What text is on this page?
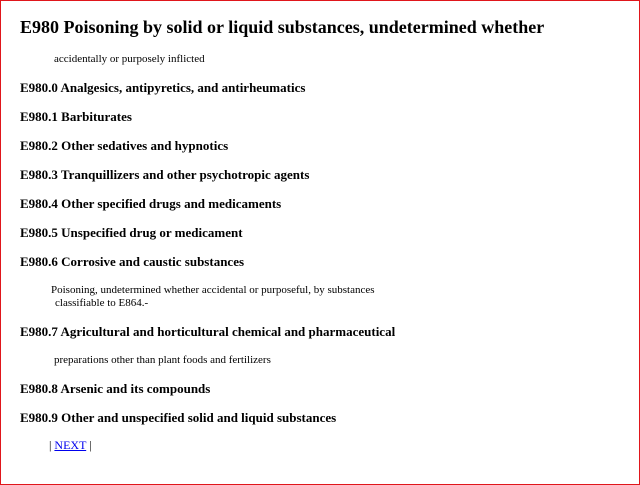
E980 Poisoning by solid or liquid substances, undetermined whether

accidentally or purposely inflicted

E980.0 Analgesics, antipyretics, and antirheumatics

E980.1 Barbiturates

E980.2 Other sedatives and hypnotics

E980.3 Tranquillizers and other psychotropic agents

E980.4 Other specified drugs and medicaments

E980.5 Unspecified drug or medicament

E980.6 Corrosive and caustic substances

Poisoning, undetermined whether accidental or purposeful, by substances
classifiable to E864.-

E980.7 Agricultural and horticultural chemical and pharmaceutical

preparations other than plant foods and fertilizers

E980.8 Arsenic and its compounds

E980.9 Other and unspecified solid and liquid substances

| NEXT |
